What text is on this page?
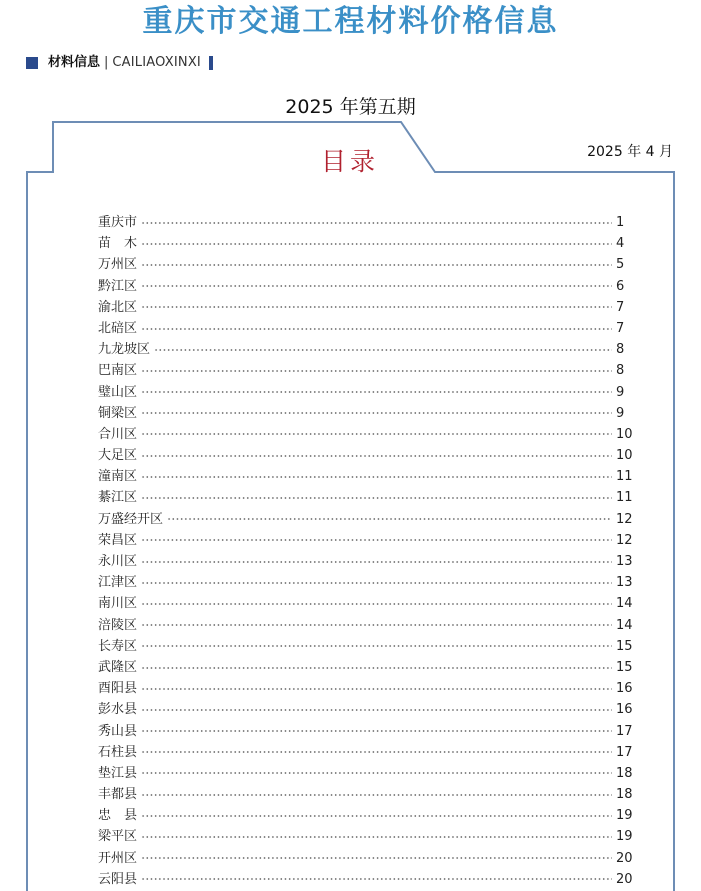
重庆市交通工程材料价格信息
材料信息 | CAILIAOXINXI
2025 年第五期
目录	2025 年 4 月
重庆市	1
苗　木	4
万州区	5
黔江区	6
渝北区	7
北碚区	7
九龙坡区	8
巴南区	8
璧山区	9
铜梁区	9
合川区	10
大足区	10
潼南区	11
綦江区	11
万盛经开区	12
荣昌区	12
永川区	13
江津区	13
南川区	14
涪陵区	14
长寿区	15
武隆区	15
酉阳县	16
彭水县	16
秀山县	17
石柱县	17
垫江县	18
丰都县	18
忠　县	19
梁平区	19
开州区	20
云阳县	20
